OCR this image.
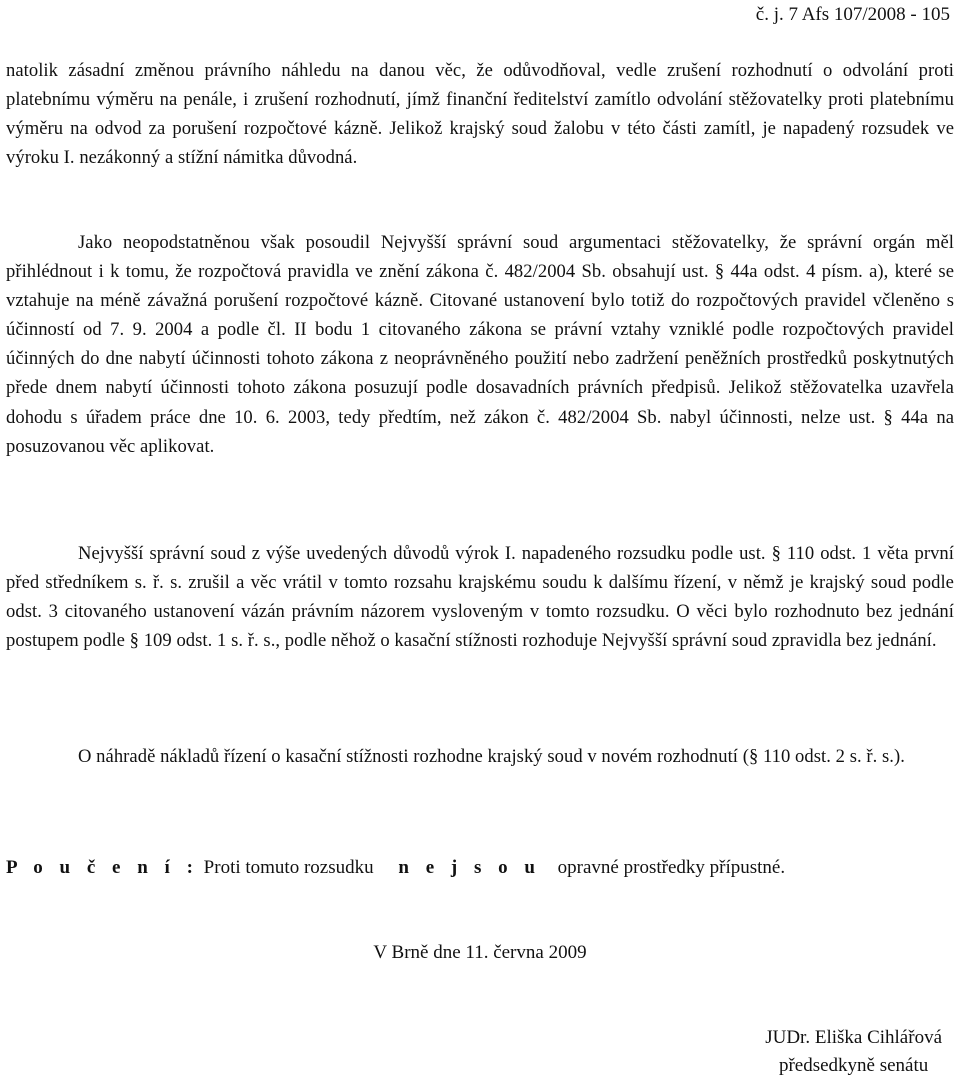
č. j. 7 Afs 107/2008 - 105

natolik zásadní změnou právního náhledu na danou věc, že odůvodňoval, vedle zrušení rozhodnutí o odvolání proti platebnímu výměru na penále, i zrušení rozhodnutí, jímž finanční ředitelství zamítlo odvolání stěžovatelky proti platebnímu výměru na odvod za porušení rozpočtové kázně. Jelikož krajský soud žalobu v této části zamítl, je napadený rozsudek ve výroku I. nezákonný a stížní námitka důvodná.

Jako neopodstatněnou však posoudil Nejvyšší správní soud argumentaci stěžovatelky, že správní orgán měl přihlédnout i k tomu, že rozpočtová pravidla ve znění zákona č. 482/2004 Sb. obsahují ust. § 44a odst. 4 písm. a), které se vztahuje na méně závažná porušení rozpočtové kázně. Citované ustanovení bylo totiž do rozpočtových pravidel včleněno s účinností od 7. 9. 2004 a podle čl. II bodu 1 citovaného zákona se právní vztahy vzniklé podle rozpočtových pravidel účinných do dne nabytí účinnosti tohoto zákona z neoprávněného použití nebo zadržení peněžních prostředků poskytnutých přede dnem nabytí účinnosti tohoto zákona posuzují podle dosavadních právních předpisů. Jelikož stěžovatelka uzavřela dohodu s úřadem práce dne 10. 6. 2003, tedy předtím, než zákon č. 482/2004 Sb. nabyl účinnosti, nelze ust. § 44a na posuzovanou věc aplikovat.

Nejvyšší správní soud z výše uvedených důvodů výrok I. napadeného rozsudku podle ust. § 110 odst. 1 věta první před středníkem s. ř. s. zrušil a věc vrátil v tomto rozsahu krajskému soudu k dalšímu řízení, v němž je krajský soud podle odst. 3 citovaného ustanovení vázán právním názorem vysloveným v tomto rozsudku. O věci bylo rozhodnuto bez jednání postupem podle § 109 odst. 1 s. ř. s., podle něhož o kasační stížnosti rozhoduje Nejvyšší správní soud zpravidla bez jednání.

O náhradě nákladů řízení o kasační stížnosti rozhodne krajský soud v novém rozhodnutí (§ 110 odst. 2 s. ř. s.).

P o u č e n í : Proti tomuto rozsudku n e j s o u opravné prostředky přípustné.
V Brně dne 11. června 2009
JUDr. Eliška Cihlářová
předsedkyně senátu
